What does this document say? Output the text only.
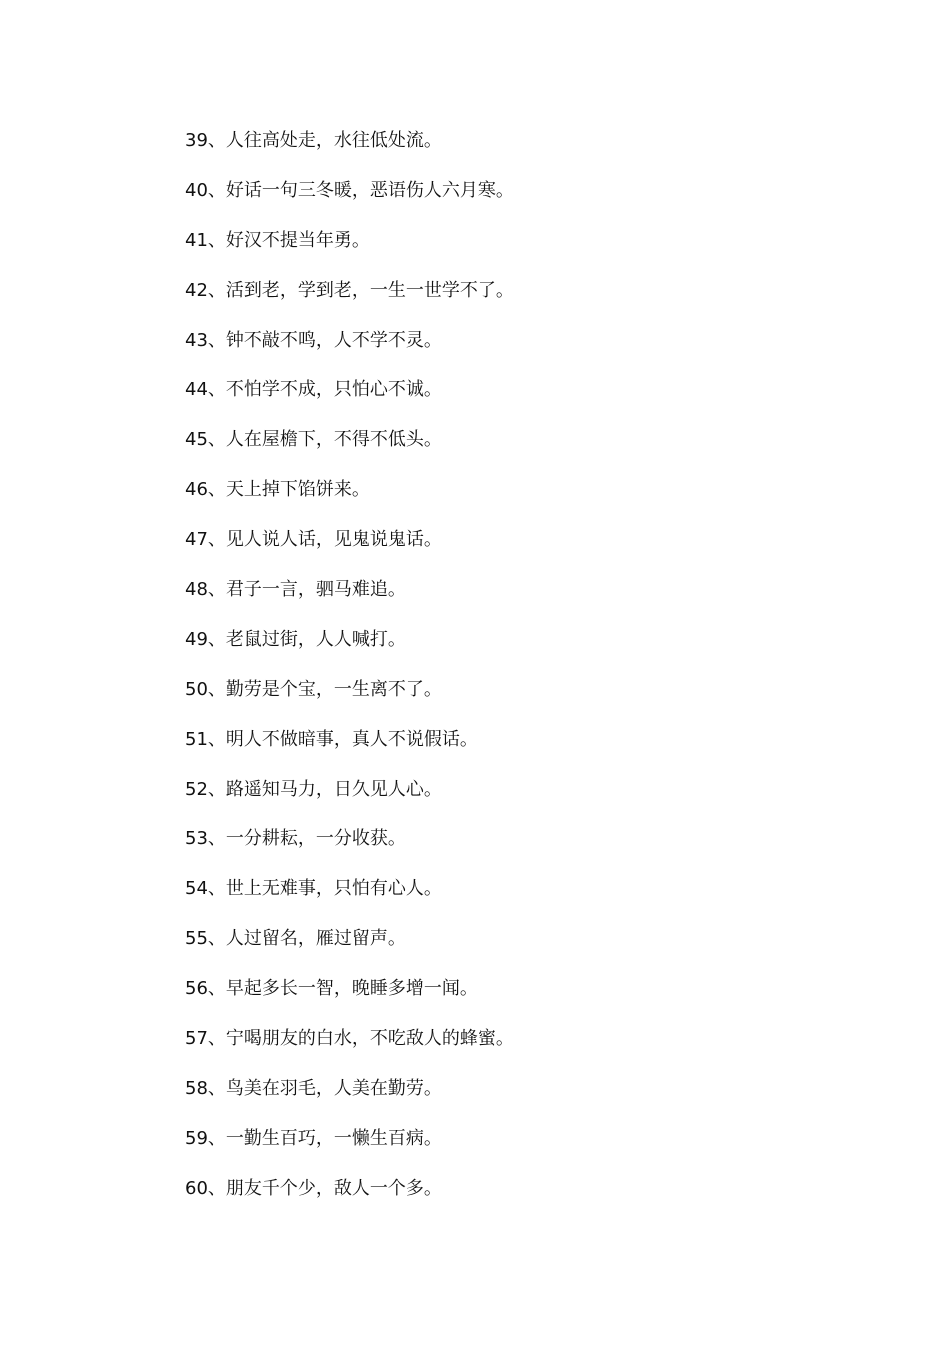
39、人往高处走，水往低处流。
40、好话一句三冬暖，恶语伤人六月寒。
41、好汉不提当年勇。
42、活到老，学到老，一生一世学不了。
43、钟不敲不鸣，人不学不灵。
44、不怕学不成，只怕心不诚。
45、人在屋檐下，不得不低头。
46、天上掉下馅饼来。
47、见人说人话，见鬼说鬼话。
48、君子一言，驷马难追。
49、老鼠过街，人人喊打。
50、勤劳是个宝，一生离不了。
51、明人不做暗事，真人不说假话。
52、路遥知马力，日久见人心。
53、一分耕耘，一分收获。
54、世上无难事，只怕有心人。
55、人过留名，雁过留声。
56、早起多长一智，晚睡多增一闻。
57、宁喝朋友的白水，不吃敌人的蜂蜜。
58、鸟美在羽毛，人美在勤劳。
59、一勤生百巧，一懒生百病。
60、朋友千个少，敌人一个多。
